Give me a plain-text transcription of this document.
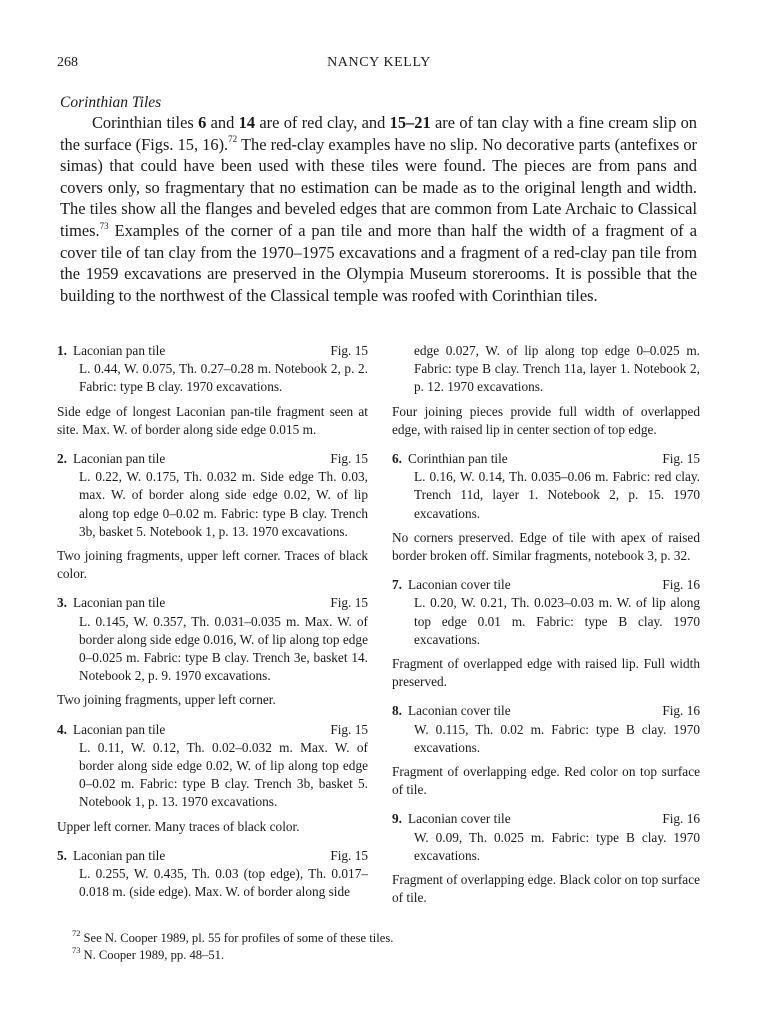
268	NANCY KELLY
Corinthian Tiles

Corinthian tiles 6 and 14 are of red clay, and 15–21 are of tan clay with a fine cream slip on the surface (Figs. 15, 16).$^{72}$ The red-clay examples have no slip. No decorative parts (antefixes or simas) that could have been used with these tiles were found. The pieces are from pans and covers only, so fragmentary that no estimation can be made as to the original length and width. The tiles show all the flanges and beveled edges that are common from Late Archaic to Classical times.$^{73}$ Examples of the corner of a pan tile and more than half the width of a fragment of a cover tile of tan clay from the 1970–1975 excavations and a fragment of a red-clay pan tile from the 1959 excavations are preserved in the Olympia Museum storerooms. It is possible that the building to the northwest of the Classical temple was roofed with Corinthian tiles.

1. Laconian pan tile	Fig. 15

L. 0.44, W. 0.075, Th. 0.27–0.28 m. Notebook 2, p. 2. Fabric: type B clay. 1970 excavations.

Side edge of longest Laconian pan-tile fragment seen at site. Max. W. of border along side edge 0.015 m.

2. Laconian pan tile	Fig. 15

L. 0.22, W. 0.175, Th. 0.032 m. Side edge Th. 0.03, max. W. of border along side edge 0.02, W. of lip along top edge 0–0.02 m. Fabric: type B clay. Trench 3b, basket 5. Notebook 1, p. 13. 1970 excavations.

Two joining fragments, upper left corner. Traces of black color.

3. Laconian pan tile	Fig. 15

L. 0.145, W. 0.357, Th. 0.031–0.035 m. Max. W. of border along side edge 0.016, W. of lip along top edge 0–0.025 m. Fabric: type B clay. Trench 3e, basket 14. Notebook 2, p. 9. 1970 excavations.

Two joining fragments, upper left corner.

4. Laconian pan tile	Fig. 15

L. 0.11, W. 0.12, Th. 0.02–0.032 m. Max. W. of border along side edge 0.02, W. of lip along top edge 0–0.02 m. Fabric: type B clay. Trench 3b, basket 5. Notebook 1, p. 13. 1970 excavations.

Upper left corner. Many traces of black color.

5. Laconian pan tile	Fig. 15

L. 0.255, W. 0.435, Th. 0.03 (top edge), Th. 0.017–0.018 m. (side edge). Max. W. of border along side

edge 0.027, W. of lip along top edge 0–0.025 m. Fabric: type B clay. Trench 11a, layer 1. Notebook 2, p. 12. 1970 excavations.

Four joining pieces provide full width of overlapped edge, with raised lip in center section of top edge.

6. Corinthian pan tile	Fig. 15

L. 0.16, W. 0.14, Th. 0.035–0.06 m. Fabric: red clay. Trench 11d, layer 1. Notebook 2, p. 15. 1970 excavations.

No corners preserved. Edge of tile with apex of raised border broken off. Similar fragments, notebook 3, p. 32.

7. Laconian cover tile	Fig. 16

L. 0.20, W. 0.21, Th. 0.023–0.03 m. W. of lip along top edge 0.01 m. Fabric: type B clay. 1970 excavations.

Fragment of overlapped edge with raised lip. Full width preserved.

8. Laconian cover tile	Fig. 16

W. 0.115, Th. 0.02 m. Fabric: type B clay. 1970 excavations.

Fragment of overlapping edge. Red color on top surface of tile.

9. Laconian cover tile	Fig. 16

W. 0.09, Th. 0.025 m. Fabric: type B clay. 1970 excavations.

Fragment of overlapping edge. Black color on top surface of tile.

$^{72}$ See N. Cooper 1989, pl. 55 for profiles of some of these tiles.
$^{73}$ N. Cooper 1989, pp. 48–51.
